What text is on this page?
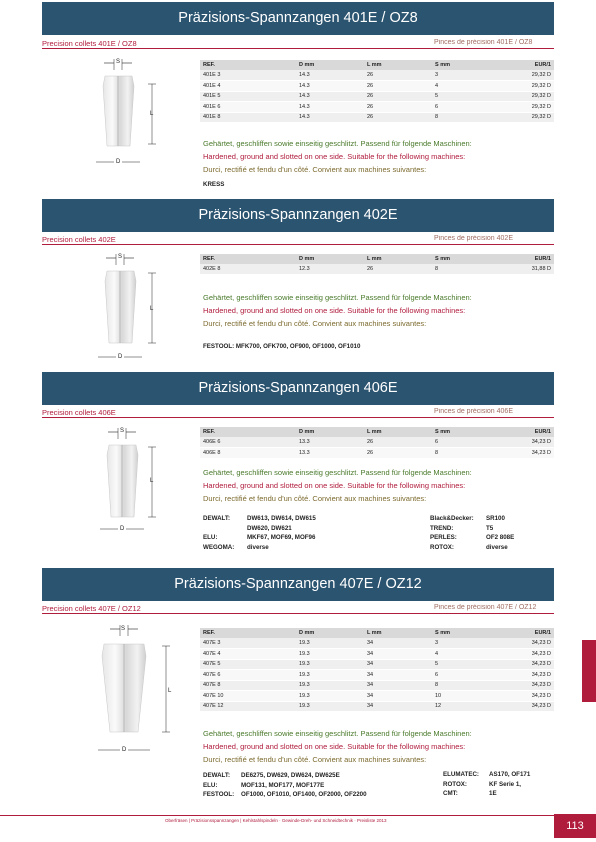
Präzisions-Spannzangen 401E / OZ8
Precision collets 401E / OZ8	Pinces de précision 401E / OZ8
S
L
D
REF.	D mm	L mm	S mm	EUR/1
401E 3	14.3	26	3	29,32 D
401E 4	14.3	26	4	29,32 D
401E 5	14.3	26	5	29,32 D
401E 6	14.3	26	6	29,32 D
401E 8	14.3	26	8	29,32 D
Gehärtet, geschliffen sowie einseitig geschlitzt. Passend für folgende Maschinen:
Hardened, ground and slotted on one side. Suitable for the following machines:
Durci, rectifié et fendu d'un côté. Convient aux machines suivantes:
KRESS
Präzisions-Spannzangen 402E
Precision collets 402E	Pinces de précision 402E
S
L
D
REF.	D mm	L mm	S mm	EUR/1
402E 8	12.3	26	8	31,88 D
Gehärtet, geschliffen sowie einseitig geschlitzt. Passend für folgende Maschinen:
Hardened, ground and slotted on one side. Suitable for the following machines:
Durci, rectifié et fendu d'un côté. Convient aux machines suivantes:
FESTOOL: MFK700, OFK700, OF900, OF1000, OF1010
Präzisions-Spannzangen 406E
Precision collets 406E	Pinces de précision 406E
S
L
D
REF.	D mm	L mm	S mm	EUR/1
406E 6	13.3	26	6	34,23 D
406E 8	13.3	26	8	34,23 D
Gehärtet, geschliffen sowie einseitig geschlitzt. Passend für folgende Maschinen:
Hardened, ground and slotted on one side. Suitable for the following machines:
Durci, rectifié et fendu d'un côté. Convient aux machines suivantes:
DEWALT:	DW613, DW614, DW615
DW620, DW621
ELU:	MKF67, MOF69, MOF96
WEGOMA: diverse
Black&Decker: SR100
TREND:	T5
PERLES:	OF2 808E
ROTOX:	diverse
Präzisions-Spannzangen 407E / OZ12
Precision collets 407E / OZ12	Pinces de précision 407E / OZ12
S
L
D
REF.	D mm	L mm	S mm	EUR/1
407E 3	19.3	34	3	34,23 D
407E 4	19.3	34	4	34,23 D
407E 5	19.3	34	5	34,23 D
407E 6	19.3	34	6	34,23 D
407E 8	19.3	34	8	34,23 D
407E 10	19.3	34	10	34,23 D
407E 12	19.3	34	12	34,23 D
Gehärtet, geschliffen sowie einseitig geschlitzt. Passend für folgende Maschinen:
Hardened, ground and slotted on one side. Suitable for the following machines:
Durci, rectifié et fendu d'un côté. Convient aux machines suivantes:
DEWALT: DE6275, DW629, DW624, DW625E
ELU:	MOF131, MOF177, MOF177E
FESTOOL: OF1000, OF1010, OF1400, OF2000, OF2200
ELUMATEC: AS170, OF171
ROTOX:	KF Serie 1,
CMT:	1E
Oberfräsen | Präzisionsspannzangen | Kehlstahlspindeln · Gewinde-Dreh- und Schneidtechnik · Preisliste 2013	113
